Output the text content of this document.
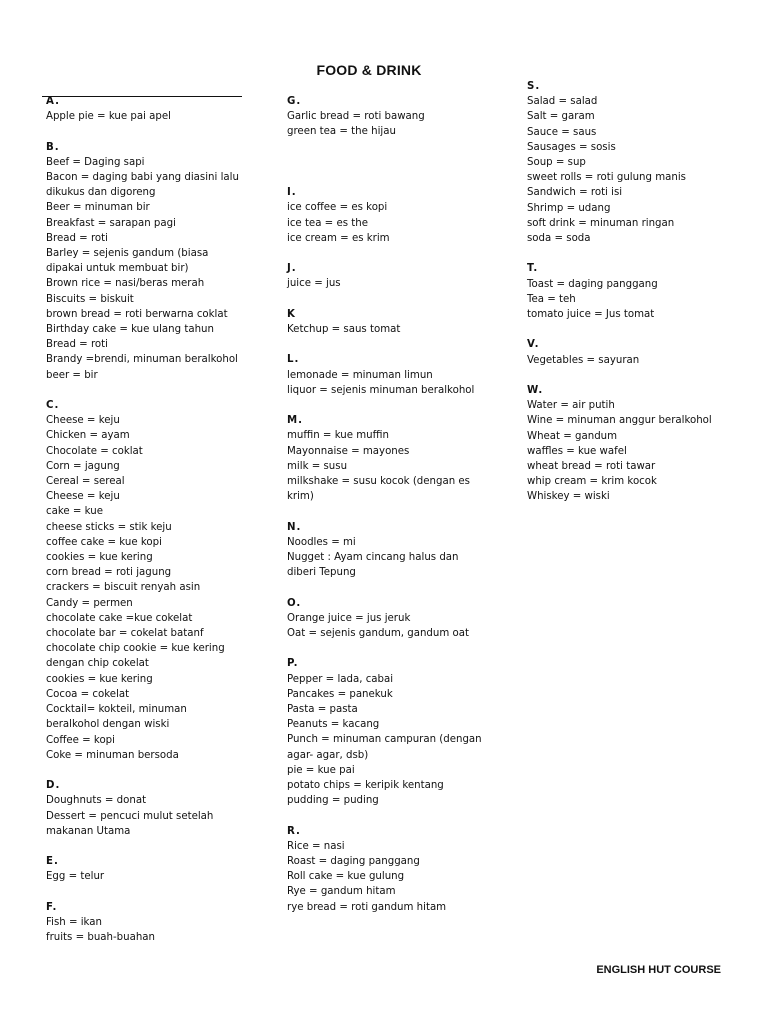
FOOD & DRINK
A.
Apple pie = kue pai apel
B.
Beef = Daging sapi
Bacon = daging babi yang diasini lalu dikukus dan digoreng
Beer = minuman bir
Breakfast = sarapan pagi
Bread = roti
Barley = sejenis gandum (biasa dipakai untuk membuat bir)
Brown rice = nasi/beras merah
Biscuits = biskuit
brown bread = roti berwarna coklat
Birthday cake = kue ulang tahun
Bread = roti
Brandy =brendi, minuman beralkohol
beer = bir
C.
Cheese = keju
Chicken = ayam
Chocolate = coklat
Corn = jagung
Cereal = sereal
Cheese = keju
cake = kue
cheese sticks = stik keju
coffee cake = kue kopi
cookies = kue kering
corn bread = roti jagung
crackers = biscuit renyah asin
Candy = permen
chocolate cake =kue cokelat
chocolate bar = cokelat batanf
chocolate chip cookie = kue kering dengan chip cokelat
cookies = kue kering
Cocoa = cokelat
Cocktail= kokteil, minuman beralkohol dengan wiski
Coffee = kopi
Coke = minuman bersoda
D.
Doughnuts = donat
Dessert = pencuci mulut setelah makanan Utama
E.
Egg = telur
F.
Fish = ikan
fruits = buah-buahan
G.
Garlic bread = roti bawang
green tea = the hijau

I.
ice coffee = es kopi
ice tea = es the
ice cream = es krim
J.
juice = jus
K
Ketchup = saus tomat
L.
lemonade = minuman limun
liquor = sejenis minuman beralkohol
M.
muffin = kue muffin
Mayonnaise = mayones
milk = susu
milkshake = susu kocok (dengan es krim)
N.
Noodles = mi
Nugget : Ayam cincang halus dan diberi Tepung
O.
Orange juice = jus jeruk
Oat = sejenis gandum, gandum oat
P.
Pepper = lada, cabai
Pancakes = panekuk
Pasta = pasta
Peanuts = kacang
Punch = minuman campuran (dengan agar- agar, dsb)
pie = kue pai
potato chips = keripik kentang
pudding = puding
R.
Rice = nasi
Roast = daging panggang
Roll cake = kue gulung
Rye = gandum hitam
rye bread = roti gandum hitam
S.
Salad = salad
Salt = garam
Sauce = saus
Sausages = sosis
Soup = sup
sweet rolls = roti gulung manis
Sandwich = roti isi
Shrimp = udang
soft drink = minuman ringan
soda = soda
T.
Toast = daging panggang
Tea = teh
tomato juice = Jus tomat
V.
Vegetables = sayuran
W.
Water = air putih
Wine = minuman anggur beralkohol
Wheat = gandum
waffles = kue wafel
wheat bread = roti tawar
whip cream = krim kocok
Whiskey = wiski
ENGLISH HUT COURSE
